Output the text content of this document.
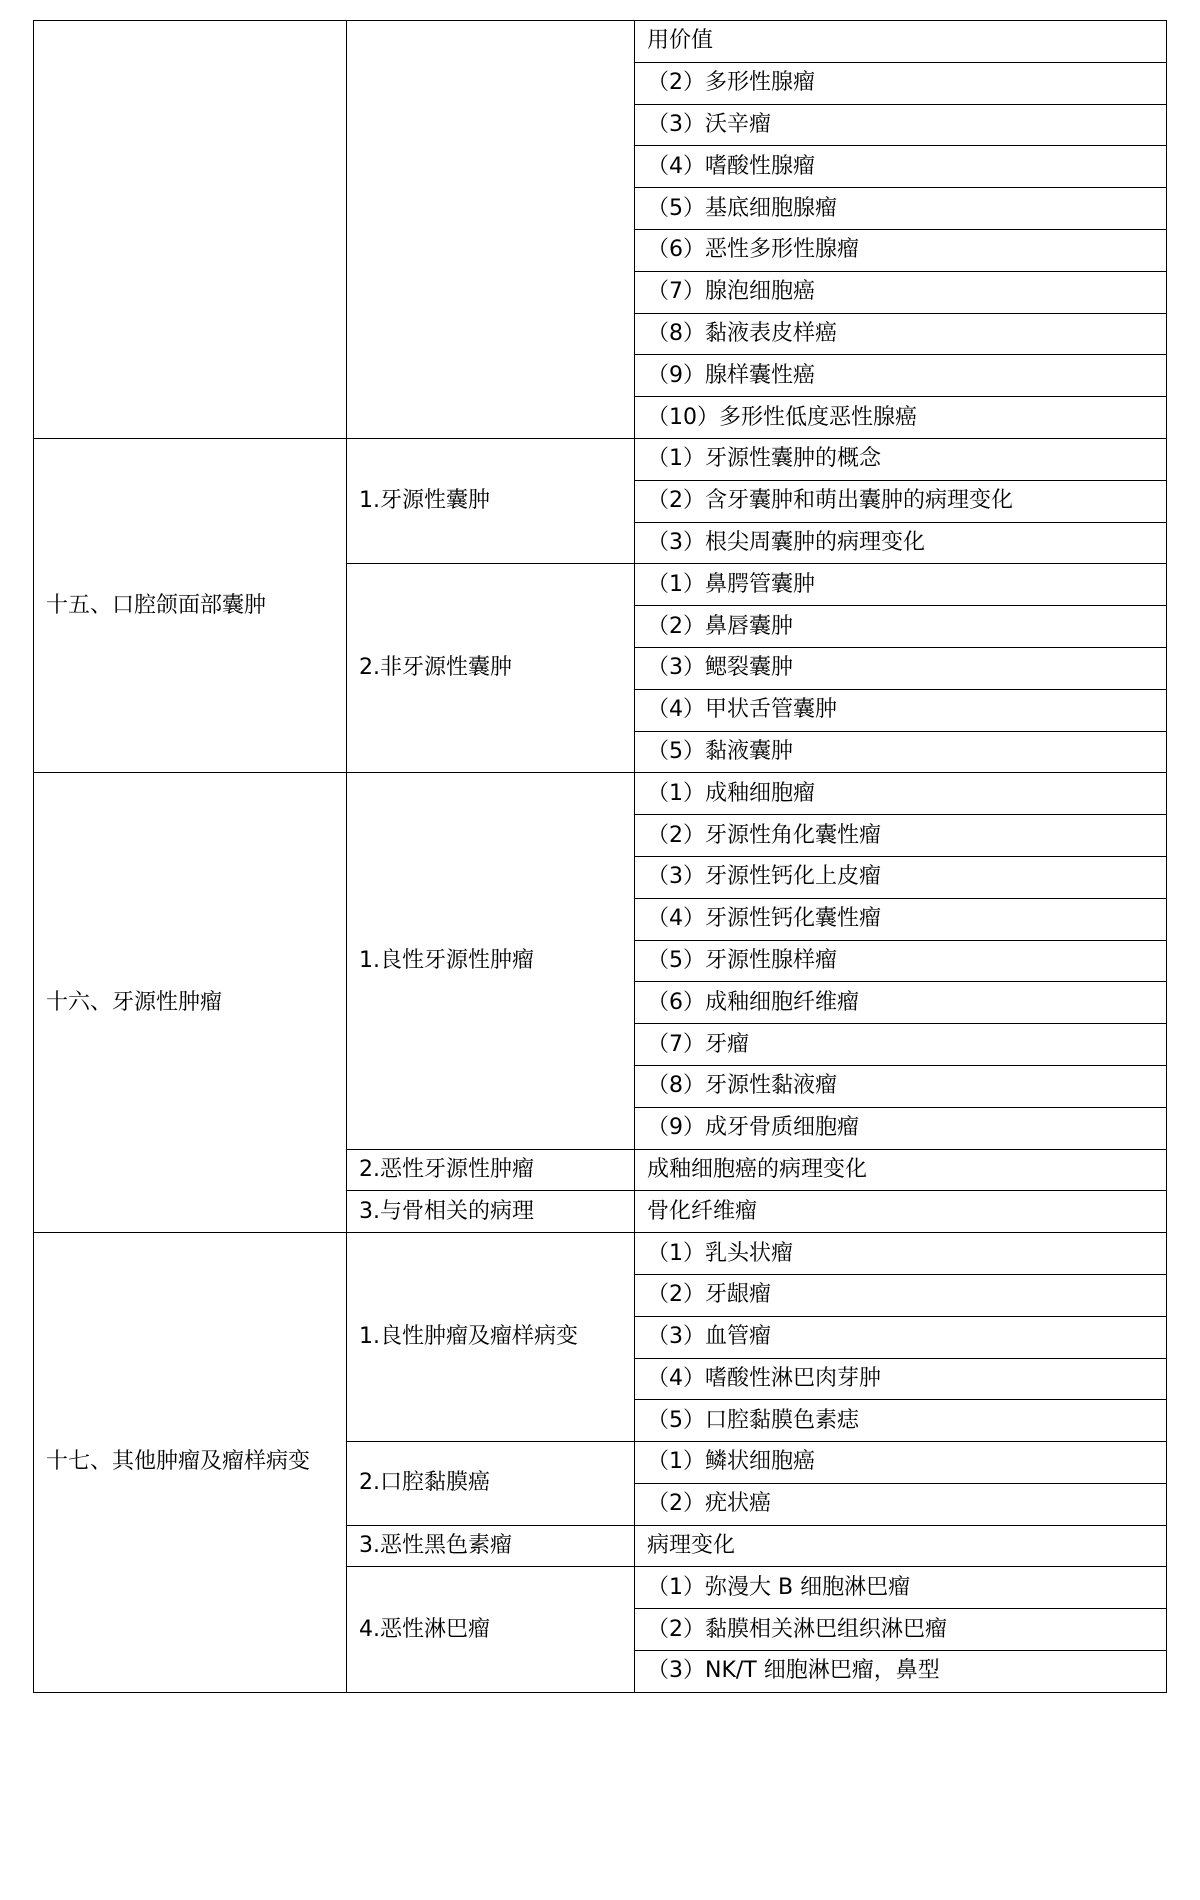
		用价值
		（2）多形性腺瘤
		（3）沃辛瘤
		（4）嗜酸性腺瘤
		（5）基底细胞腺瘤
		（6）恶性多形性腺瘤
		（7）腺泡细胞癌
		（8）黏液表皮样癌
		（9）腺样囊性癌
		（10）多形性低度恶性腺癌
十五、口腔颌面部囊肿	1.牙源性囊肿	（1）牙源性囊肿的概念
		（2）含牙囊肿和萌出囊肿的病理变化
		（3）根尖周囊肿的病理变化
	2.非牙源性囊肿	（1）鼻腭管囊肿
		（2）鼻唇囊肿
		（3）鳃裂囊肿
		（4）甲状舌管囊肿
		（5）黏液囊肿
十六、牙源性肿瘤	1.良性牙源性肿瘤	（1）成釉细胞瘤
		（2）牙源性角化囊性瘤
		（3）牙源性钙化上皮瘤
		（4）牙源性钙化囊性瘤
		（5）牙源性腺样瘤
		（6）成釉细胞纤维瘤
		（7）牙瘤
		（8）牙源性黏液瘤
		（9）成牙骨质细胞瘤
	2.恶性牙源性肿瘤	成釉细胞癌的病理变化
	3.与骨相关的病理	骨化纤维瘤
十七、其他肿瘤及瘤样病变	1.良性肿瘤及瘤样病变	（1）乳头状瘤
		（2）牙龈瘤
		（3）血管瘤
		（4）嗜酸性淋巴肉芽肿
		（5）口腔黏膜色素痣
	2.口腔黏膜癌	（1）鳞状细胞癌
		（2）疣状癌
	3.恶性黑色素瘤	病理变化
	4.恶性淋巴瘤	（1）弥漫大 B 细胞淋巴瘤
		（2）黏膜相关淋巴组织淋巴瘤
		（3）NK/T 细胞淋巴瘤，鼻型
